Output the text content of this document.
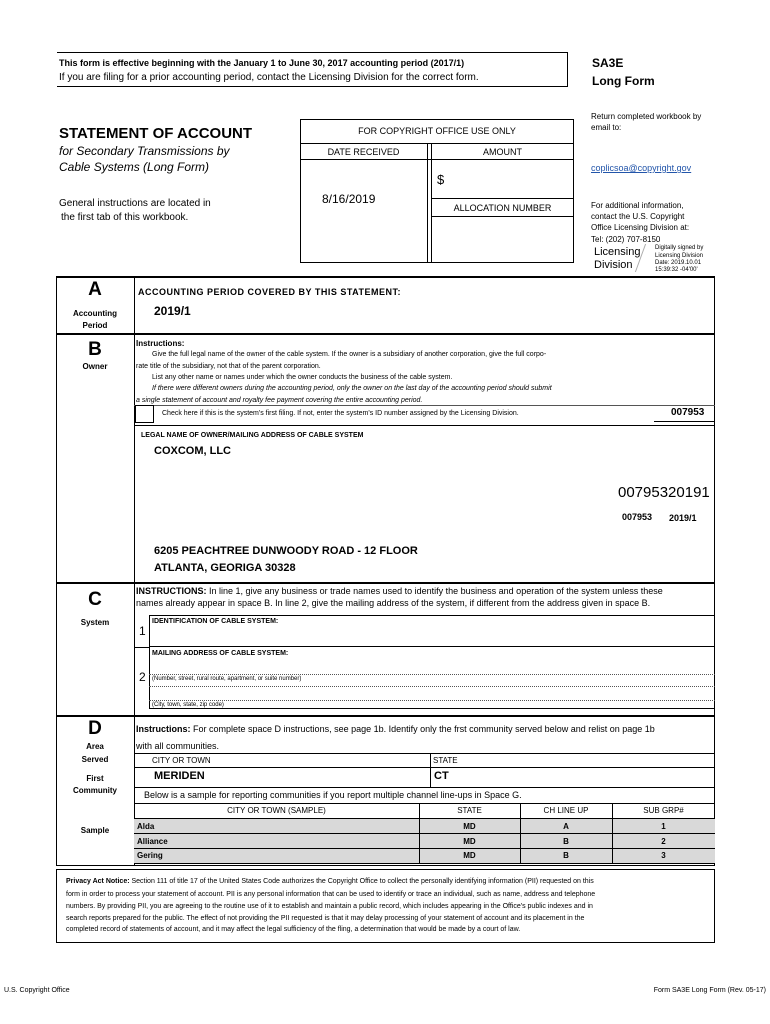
This form is effective beginning with the January 1 to June 30, 2017 accounting period (2017/1)
If you are filing for a prior accounting period, contact the Licensing Division for the correct form.
SA3E
Long Form
STATEMENT OF ACCOUNT
for Secondary Transmissions by
Cable Systems (Long Form)
General instructions are located in
the first tab of this workbook.
FOR COPYRIGHT OFFICE USE ONLY
DATE RECEIVED	AMOUNT
8/16/2019
$
ALLOCATION NUMBER
Return completed workbook by
email to:
coplicsoa@copyright.gov
For additional information,
contact the U.S. Copyright
Office Licensing Division at:
Tel: (202) 707-8150
Licensing
Division
Digitally signed by
Licensing Division
Date: 2019.10.01
15:39:32 -04'00'
A
Accounting
Period
ACCOUNTING PERIOD COVERED BY THIS STATEMENT:
2019/1
B
Owner
Instructions:
Give the full legal name of the owner of the cable system. If the owner is a subsidiary of another corporation, give the full corpo-
rate title of the subsidiary, not that of the parent corporation.
List any other name or names under which the owner conducts the business of the cable system.
If there were different owners during the accounting period, only the owner on the last day of the accounting period should submit
a single statement of account and royalty fee payment covering the entire accounting period.
Check here if this is the system's first filing. If not, enter the system's ID number assigned by the Licensing Division.	007953
LEGAL NAME OF OWNER/MAILING ADDRESS OF CABLE SYSTEM
COXCOM, LLC
00795320191
007953 2019/1
6205 PEACHTREE DUNWOODY ROAD - 12 FLOOR
ATLANTA, GEORIGA 30328
C
System
INSTRUCTIONS: In line 1, give any business or trade names used to identify the business and operation of the system unless these
names already appear in space B. In line 2, give the mailing address of the system, if different from the address given in space B.
1
IDENTIFICATION OF CABLE SYSTEM:
MAILING ADDRESS OF CABLE SYSTEM:
2 (Number, street, rural route, apartment, or suite number)
(City, town, state, zip code)
D
Area
Served
First
Community
Sample
Instructions: For complete space D instructions, see page 1b. Identify only the frst community served below and relist on page 1b
with all communities.
CITY OR TOWN	STATE
MERIDEN	CT
Below is a sample for reporting communities if you report multiple channel line-ups in Space G.
CITY OR TOWN (SAMPLE)	STATE	CH LINE UP	SUB GRP#
Alda	MD	A	1
Alliance	MD	B	2
Gering	MD	B	3
Privacy Act Notice: Section 111 of title 17 of the United States Code authorizes the Copyright Office to collect the personally identifying information (PII) requested on this
form in order to process your statement of account. PII is any personal information that can be used to identify or trace an individual, such as name, address and telephone
numbers. By providing PII, you are agreeing to the routine use of it to establish and maintain a public record, which includes appearing in the Office's public indexes and in
search reports prepared for the public. The effect of not providing the PII requested is that it may delay processing of your statement of account and its placement in the
completed record of statements of account, and it may affect the legal sufficiency of the fling, a determination that would be made by a court of law.
U.S. Copyright Office	Form SA3E Long Form (Rev. 05-17)
